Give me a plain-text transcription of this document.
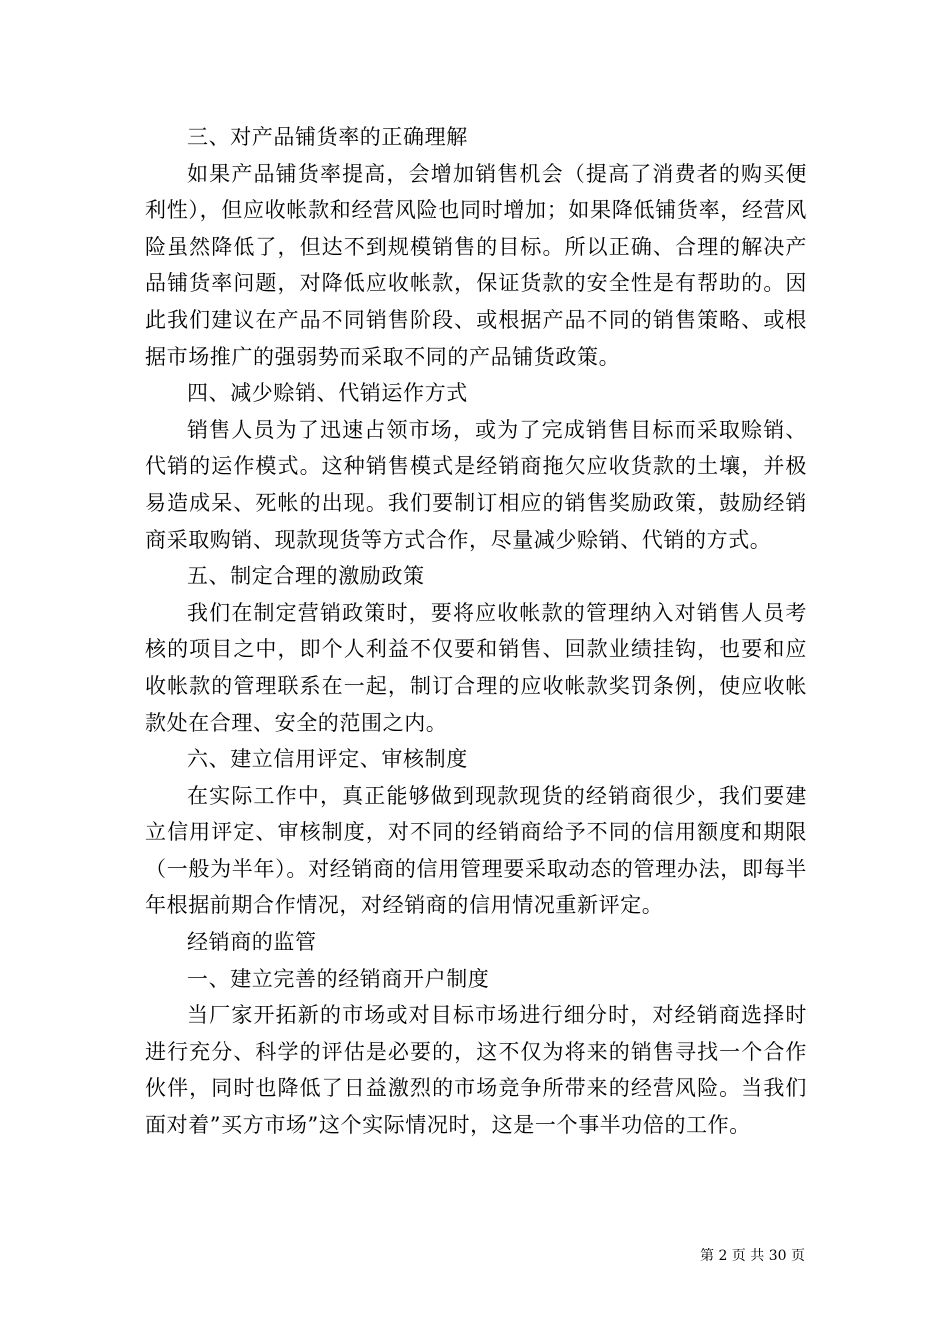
三、对产品铺货率的正确理解

如果产品铺货率提高，会增加销售机会（提高了消费者的购买便利性），但应收帐款和经营风险也同时增加；如果降低铺货率，经营风险虽然降低了，但达不到规模销售的目标。所以正确、合理的解决产品铺货率问题，对降低应收帐款，保证货款的安全性是有帮助的。因此我们建议在产品不同销售阶段、或根据产品不同的销售策略、或根据市场推广的强弱势而采取不同的产品铺货政策。

四、减少赊销、代销运作方式

销售人员为了迅速占领市场，或为了完成销售目标而采取赊销、代销的运作模式。这种销售模式是经销商拖欠应收货款的土壤，并极易造成呆、死帐的出现。我们要制订相应的销售奖励政策，鼓励经销商采取购销、现款现货等方式合作，尽量减少赊销、代销的方式。

五、制定合理的激励政策

我们在制定营销政策时，要将应收帐款的管理纳入对销售人员考核的项目之中，即个人利益不仅要和销售、回款业绩挂钩，也要和应收帐款的管理联系在一起，制订合理的应收帐款奖罚条例，使应收帐款处在合理、安全的范围之内。

六、建立信用评定、审核制度

在实际工作中，真正能够做到现款现货的经销商很少，我们要建立信用评定、审核制度，对不同的经销商给予不同的信用额度和期限（一般为半年）。对经销商的信用管理要采取动态的管理办法，即每半年根据前期合作情况，对经销商的信用情况重新评定。

经销商的监管

一、建立完善的经销商开户制度

当厂家开拓新的市场或对目标市场进行细分时，对经销商选择时进行充分、科学的评估是必要的，这不仅为将来的销售寻找一个合作伙伴，同时也降低了日益激烈的市场竞争所带来的经营风险。当我们面对着”买方市场”这个实际情况时，这是一个事半功倍的工作。

第 2 页 共 30 页
